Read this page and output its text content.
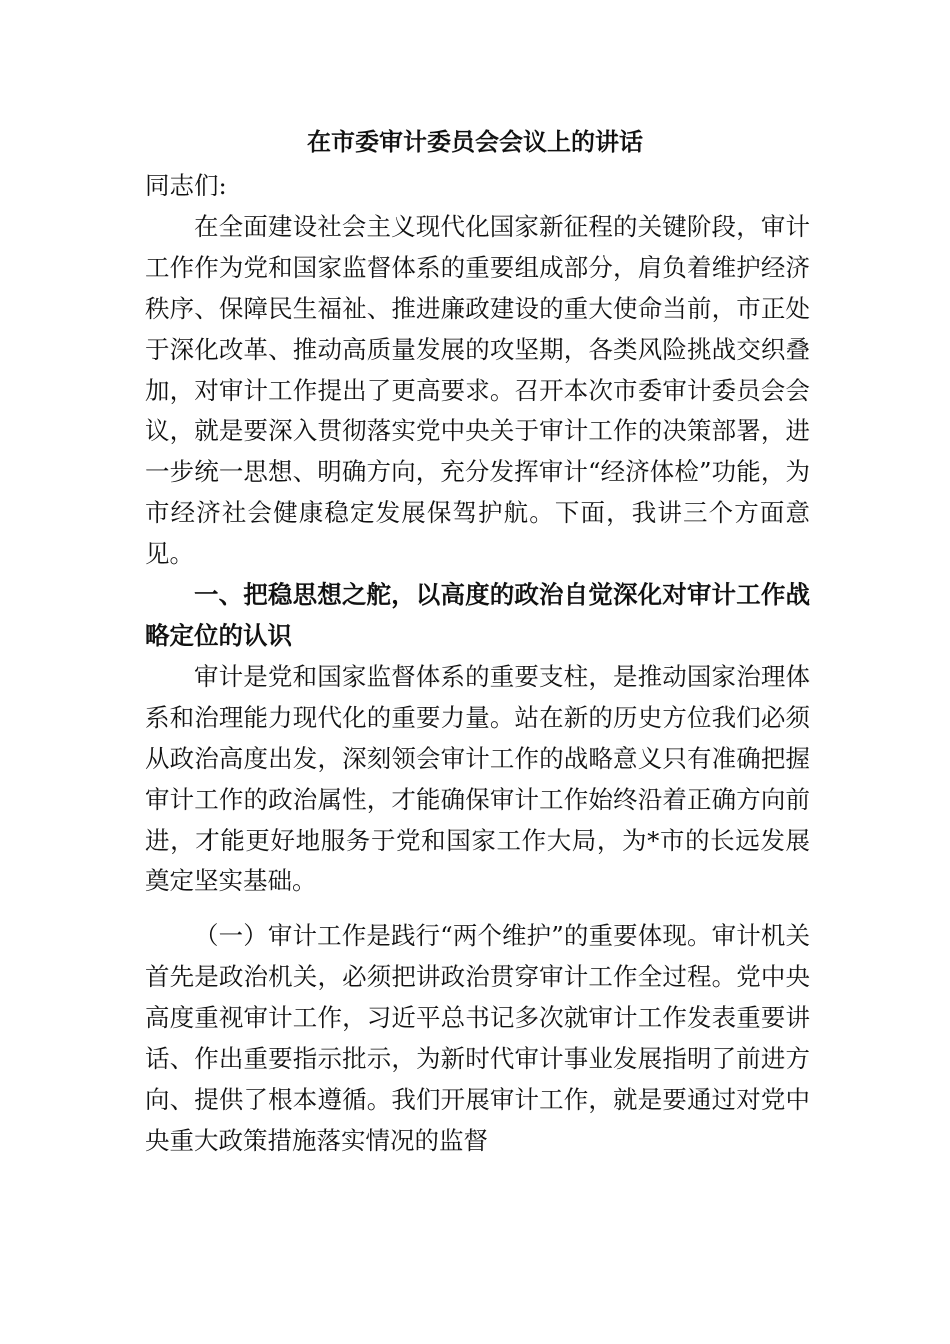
在市委审计委员会会议上的讲话

同志们:

在全面建设社会主义现代化国家新征程的关键阶段，审计工作作为党和国家监督体系的重要组成部分，肩负着维护经济秩序、保障民生福祉、推进廉政建设的重大使命当前，市正处于深化改革、推动高质量发展的攻坚期，各类风险挑战交织叠加，对审计工作提出了更高要求。召开本次市委审计委员会会议，就是要深入贯彻落实党中央关于审计工作的决策部署，进一步统一思想、明确方向，充分发挥审计“经济体检”功能，为市经济社会健康稳定发展保驾护航。下面，我讲三个方面意见。

一、把稳思想之舵，以高度的政治自觉深化对审计工作战略定位的认识

审计是党和国家监督体系的重要支柱，是推动国家治理体系和治理能力现代化的重要力量。站在新的历史方位我们必须从政治高度出发，深刻领会审计工作的战略意义只有准确把握审计工作的政治属性，才能确保审计工作始终沿着正确方向前进，才能更好地服务于党和国家工作大局，为*市的长远发展奠定坚实基础。

（一）审计工作是践行“两个维护”的重要体现。审计机关首先是政治机关，必须把讲政治贯穿审计工作全过程。党中央高度重视审计工作，习近平总书记多次就审计工作发表重要讲话、作出重要指示批示，为新时代审计事业发展指明了前进方向、提供了根本遵循。我们开展审计工作，就是要通过对党中央重大政策措施落实情况的监督
